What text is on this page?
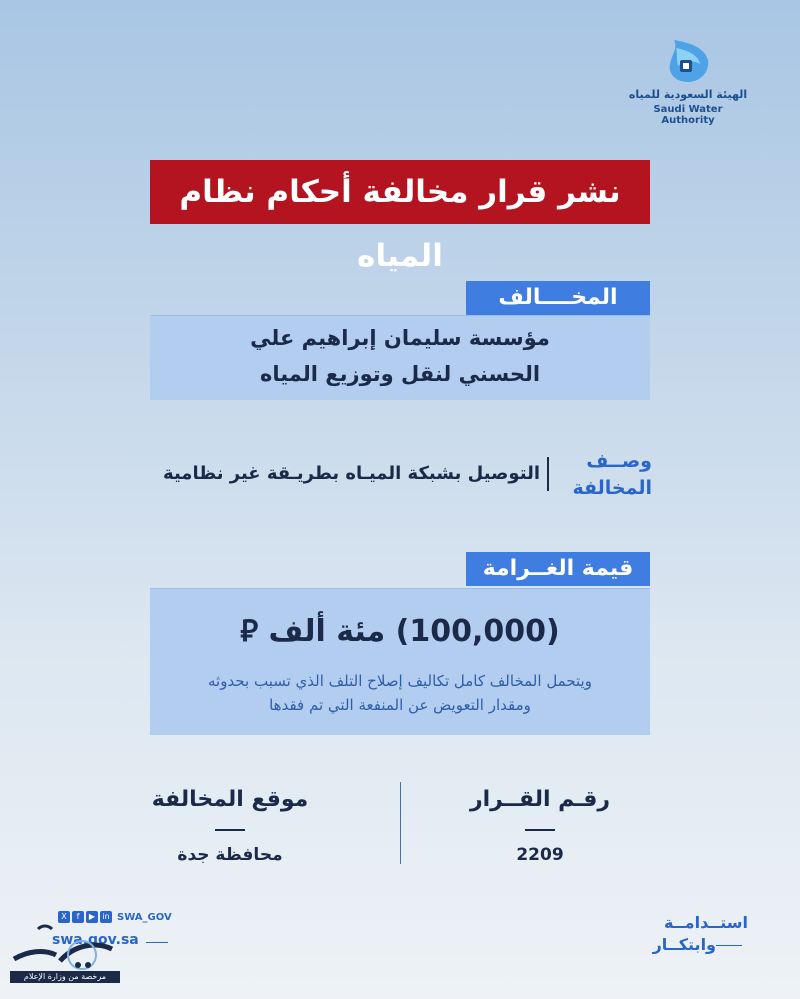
الهيئة السعودية للمياه
Saudi Water Authority
نشر قرار مخالفة أحكام نظام المياه
المخــــالف
مؤسسة سليمان إبراهيم علي
الحسني لنقل وتوزيع المياه
وصــف المخالفة
التوصيل بشبكة الميـاه بطريـقة غير نظامية
قيمة الغــرامة
(100,000) مئة ألف ⃁
ويتحمل المخالف كامل تكاليف إصلاح التلف الذي تسبب بحدوثه ومقدار التعويض عن المنفعة التي تم فقدها
رقـم القــرار
2209
موقع المخالفة
محافظة جدة
استــدامــة
وابتكــار
X	f	▶ in SWA_GOV
swa.gov.sa
مرخصة من وزارة الإعلام
